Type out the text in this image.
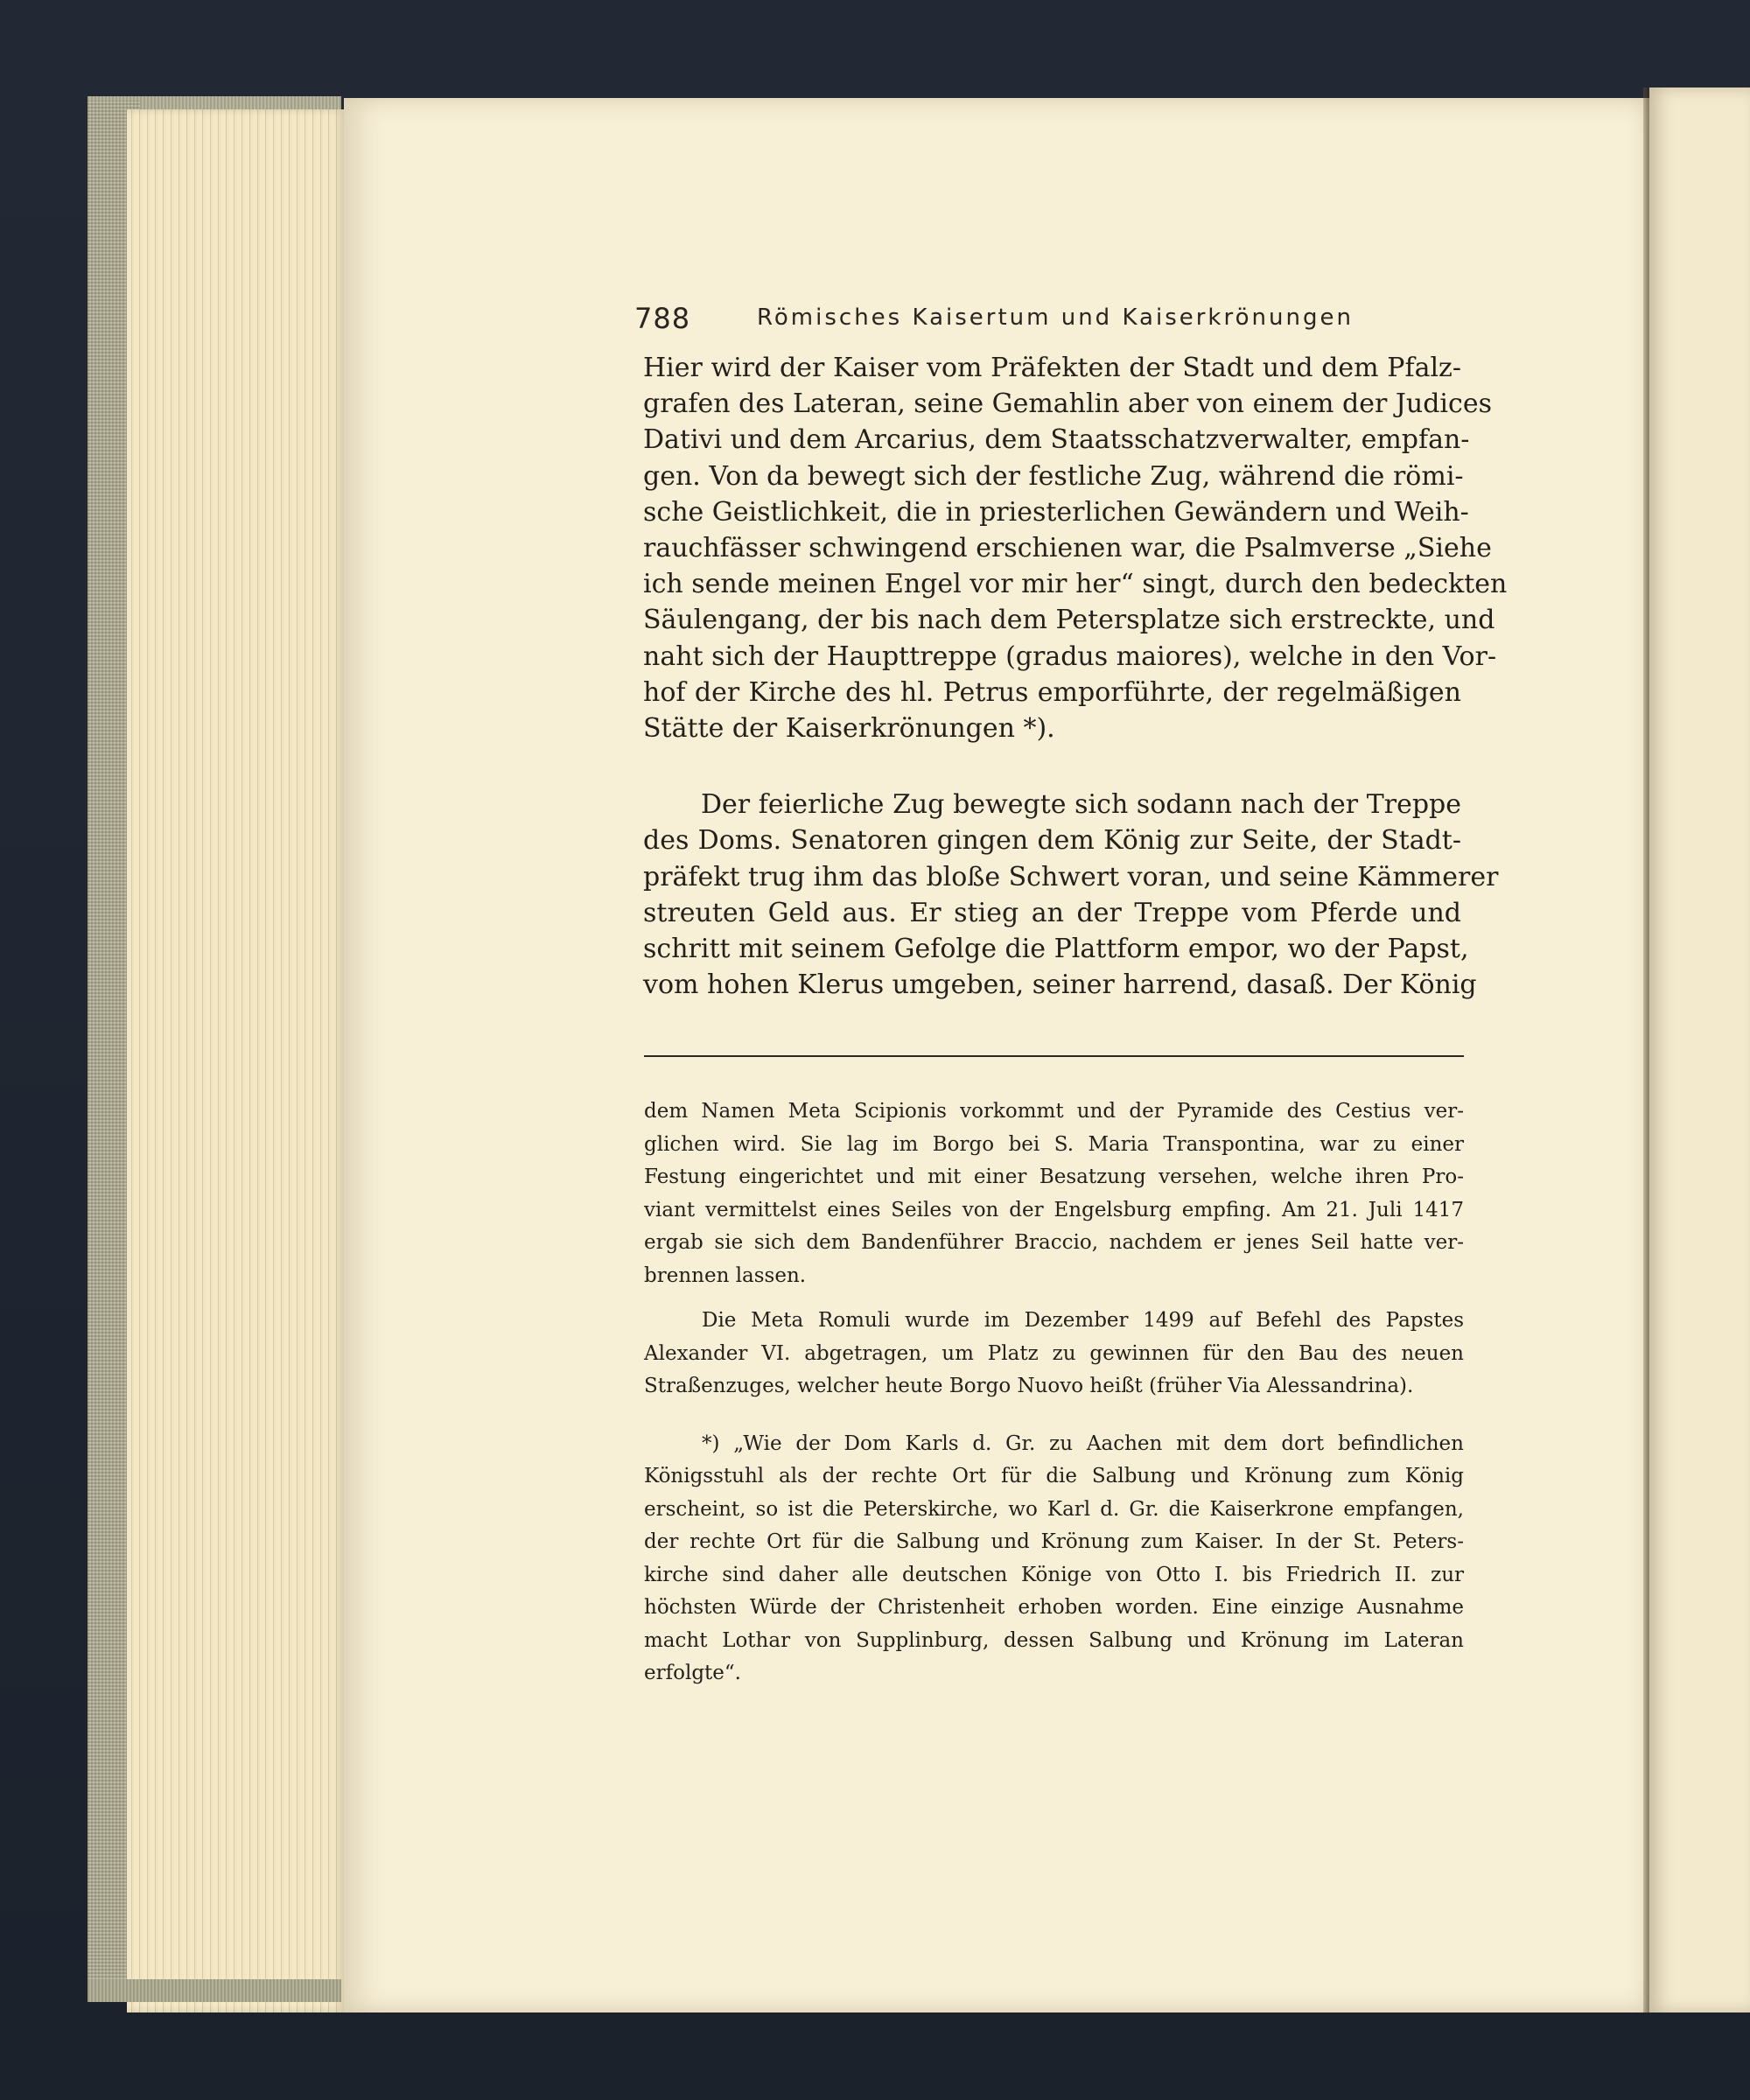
788	Römisches Kaisertum und Kaiserkrönungen

Hier wird der Kaiser vom Präfekten der Stadt und dem Pfalz-
grafen des Lateran, seine Gemahlin aber von einem der Judices
Dativi und dem Arcarius, dem Staatsschatzverwalter, empfan-
gen. Von da bewegt sich der festliche Zug, während die römi-
sche Geistlichkeit, die in priesterlichen Gewändern und Weih-
rauchfässer schwingend erschienen war, die Psalmverse „Siehe
ich sende meinen Engel vor mir her“ singt, durch den bedeckten
Säulengang, der bis nach dem Petersplatze sich erstreckte, und
naht sich der Haupttreppe (gradus maiores), welche in den Vor-
hof der Kirche des hl. Petrus emporführte, der regelmäßigen
Stätte der Kaiserkrönungen *).

Der feierliche Zug bewegte sich sodann nach der Treppe
des Doms. Senatoren gingen dem König zur Seite, der Stadt-
präfekt trug ihm das bloße Schwert voran, und seine Kämmerer
streuten Geld aus. Er stieg an der Treppe vom Pferde und
schritt mit seinem Gefolge die Plattform empor, wo der Papst,
vom hohen Klerus umgeben, seiner harrend, dasaß. Der König

dem Namen Meta Scipionis vorkommt und der Pyramide des Cestius ver-
glichen wird. Sie lag im Borgo bei S. Maria Transpontina, war zu einer
Festung eingerichtet und mit einer Besatzung versehen, welche ihren Pro-
viant vermittelst eines Seiles von der Engelsburg empfing. Am 21. Juli 1417
ergab sie sich dem Bandenführer Braccio, nachdem er jenes Seil hatte ver-
brennen lassen.

Die Meta Romuli wurde im Dezember 1499 auf Befehl des Papstes
Alexander VI. abgetragen, um Platz zu gewinnen für den Bau des neuen
Straßenzuges, welcher heute Borgo Nuovo heißt (früher Via Alessandrina).

*) „Wie der Dom Karls d. Gr. zu Aachen mit dem dort befindlichen
Königsstuhl als der rechte Ort für die Salbung und Krönung zum König
erscheint, so ist die Peterskirche, wo Karl d. Gr. die Kaiserkrone empfangen,
der rechte Ort für die Salbung und Krönung zum Kaiser. In der St. Peters-
kirche sind daher alle deutschen Könige von Otto I. bis Friedrich II. zur
höchsten Würde der Christenheit erhoben worden. Eine einzige Ausnahme
macht Lothar von Supplinburg, dessen Salbung und Krönung im Lateran
erfolgte“.
